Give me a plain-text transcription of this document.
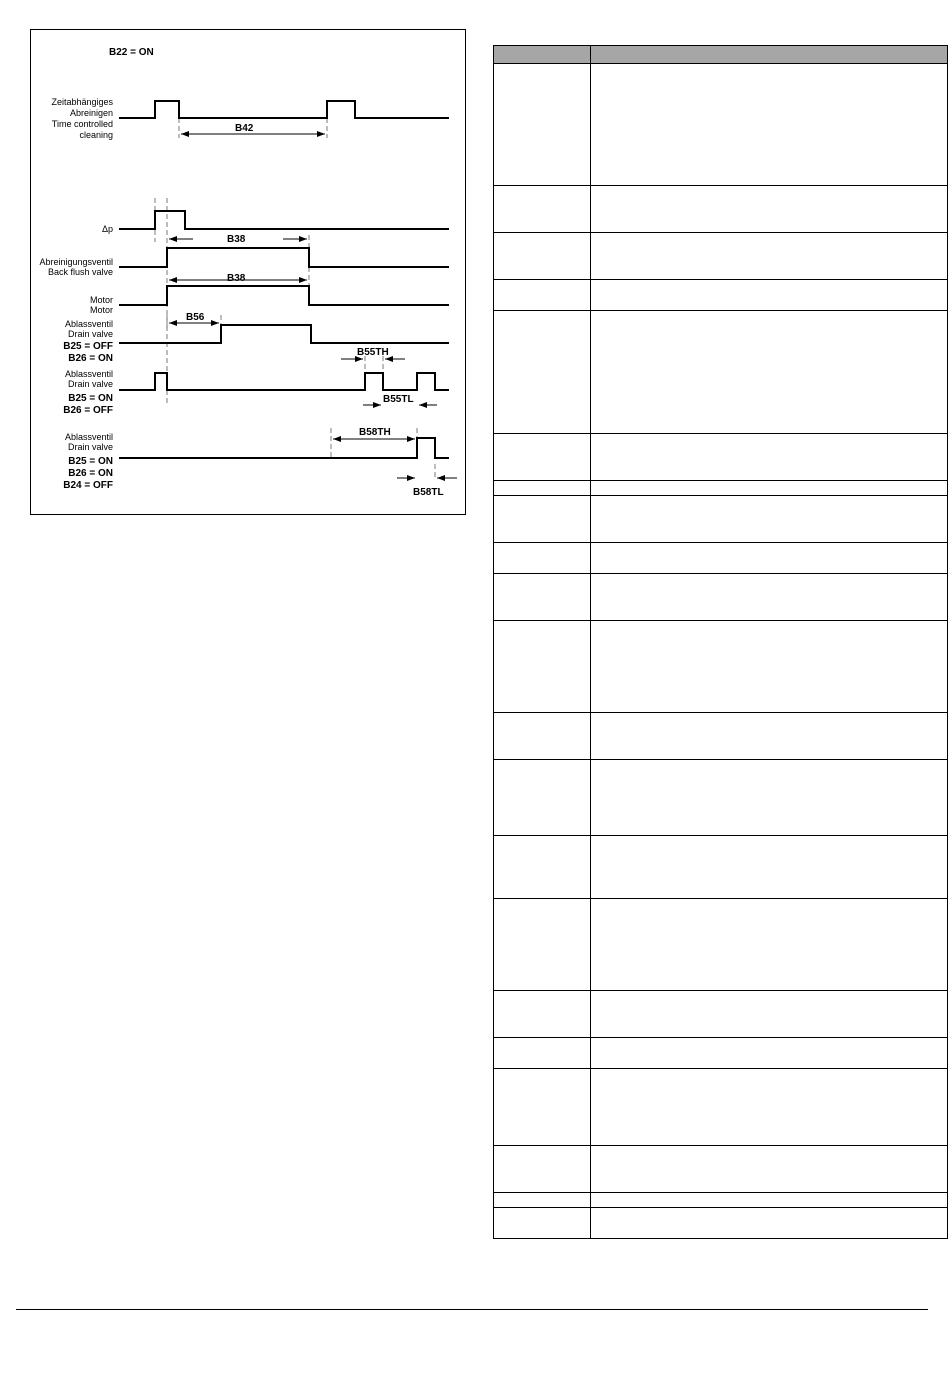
B22 = ON
Zeitabhängiges
Abreinigen
Time controlled
cleaning
Δp
Abreinigungsventil
Back flush valve
Motor
Motor
Ablassventil
Drain valve
B25 = OFF
B26 = ON
Ablassventil
Drain valve
B25 = ON
B26 = OFF
Ablassventil
Drain valve
B25 = ON
B26 = ON
B24 = OFF
B42
B38
B38
B56
B55TH
B55TL
B58TH
B58TL
